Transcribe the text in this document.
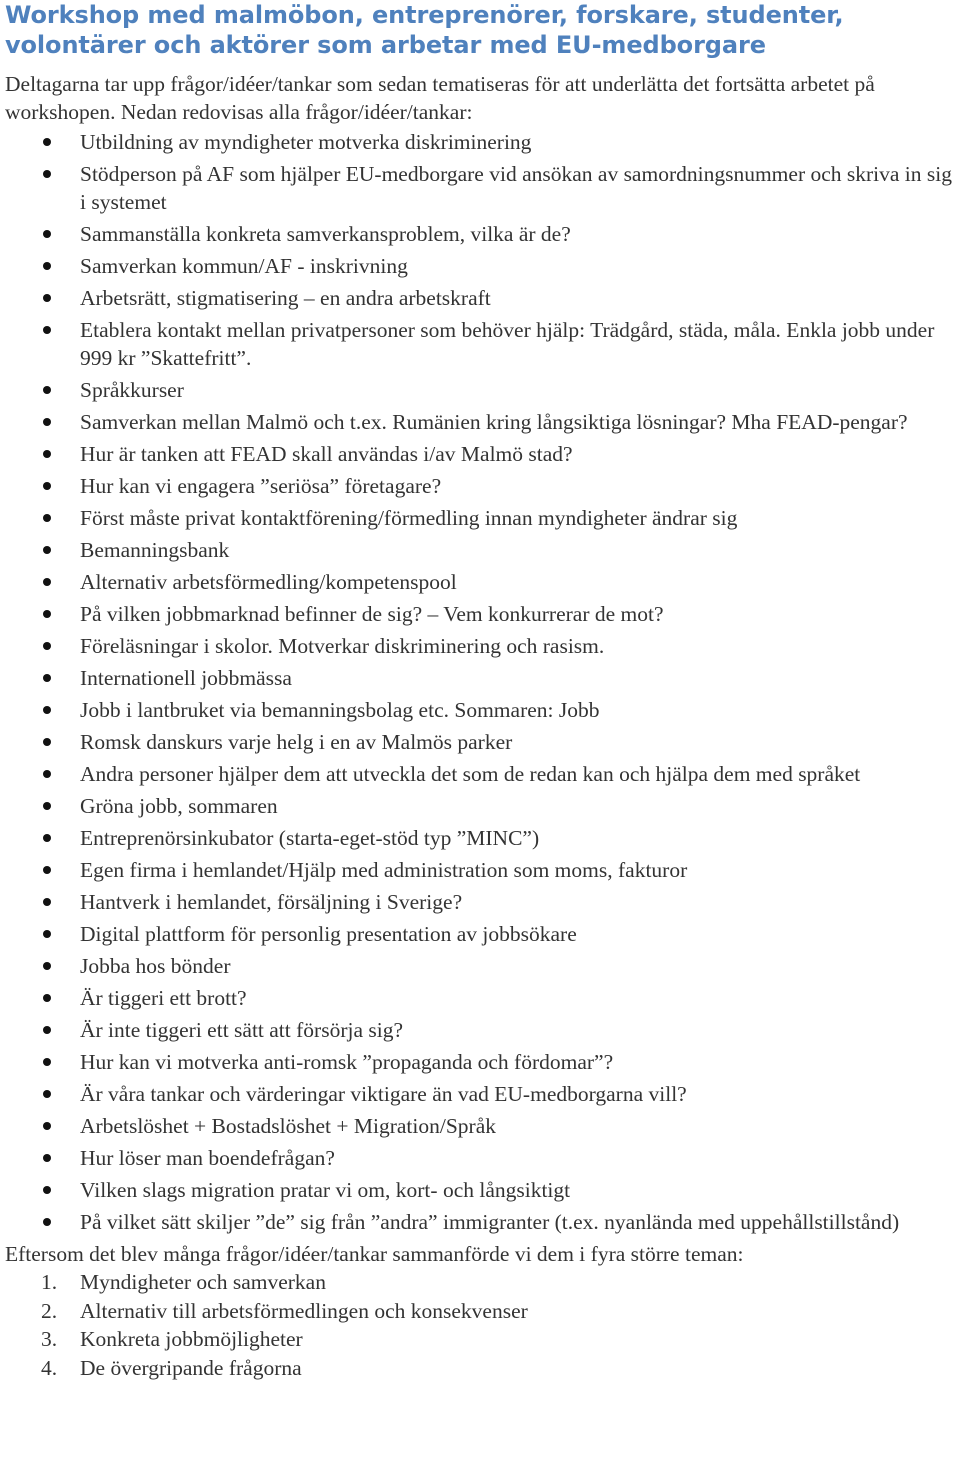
Workshop med malmöbon, entreprenörer, forskare, studenter, volontärer och aktörer som arbetar med EU-medborgare

Deltagarna tar upp frågor/idéer/tankar som sedan tematiseras för att underlätta det fortsätta arbetet på workshopen. Nedan redovisas alla frågor/idéer/tankar:

Utbildning av myndigheter motverka diskriminering
Stödperson på AF som hjälper EU-medborgare vid ansökan av samordningsnummer och skriva in sig i systemet
Sammanställa konkreta samverkansproblem, vilka är de?
Samverkan kommun/AF - inskrivning
Arbetsrätt, stigmatisering – en andra arbetskraft
Etablera kontakt mellan privatpersoner som behöver hjälp: Trädgård, städa, måla. Enkla jobb under 999 kr ”Skattefritt”.
Språkkurser
Samverkan mellan Malmö och t.ex. Rumänien kring långsiktiga lösningar? Mha FEAD-pengar?
Hur är tanken att FEAD skall användas i/av Malmö stad?
Hur kan vi engagera ”seriösa” företagare?
Först måste privat kontaktförening/förmedling innan myndigheter ändrar sig
Bemanningsbank
Alternativ arbetsförmedling/kompetenspool
På vilken jobbmarknad befinner de sig? – Vem konkurrerar de mot?
Föreläsningar i skolor. Motverkar diskriminering och rasism.
Internationell jobbmässa
Jobb i lantbruket via bemanningsbolag etc. Sommaren: Jobb
Romsk danskurs varje helg i en av Malmös parker
Andra personer hjälper dem att utveckla det som de redan kan och hjälpa dem med språket
Gröna jobb, sommaren
Entreprenörsinkubator (starta-eget-stöd typ ”MINC”)
Egen firma i hemlandet/Hjälp med administration som moms, fakturor
Hantverk i hemlandet, försäljning i Sverige?
Digital plattform för personlig presentation av jobbsökare
Jobba hos bönder
Är tiggeri ett brott?
Är inte tiggeri ett sätt att försörja sig?
Hur kan vi motverka anti-romsk ”propaganda och fördomar”?
Är våra tankar och värderingar viktigare än vad EU-medborgarna vill?
Arbetslöshet + Bostadslöshet + Migration/Språk
Hur löser man boendefrågan?
Vilken slags migration pratar vi om, kort- och långsiktigt
På vilket sätt skiljer ”de” sig från ”andra” immigranter (t.ex. nyanlända med uppehållstillstånd)

Eftersom det blev många frågor/idéer/tankar sammanförde vi dem i fyra större teman:

1. Myndigheter och samverkan
2. Alternativ till arbetsförmedlingen och konsekvenser
3. Konkreta jobbmöjligheter
4. De övergripande frågorna
